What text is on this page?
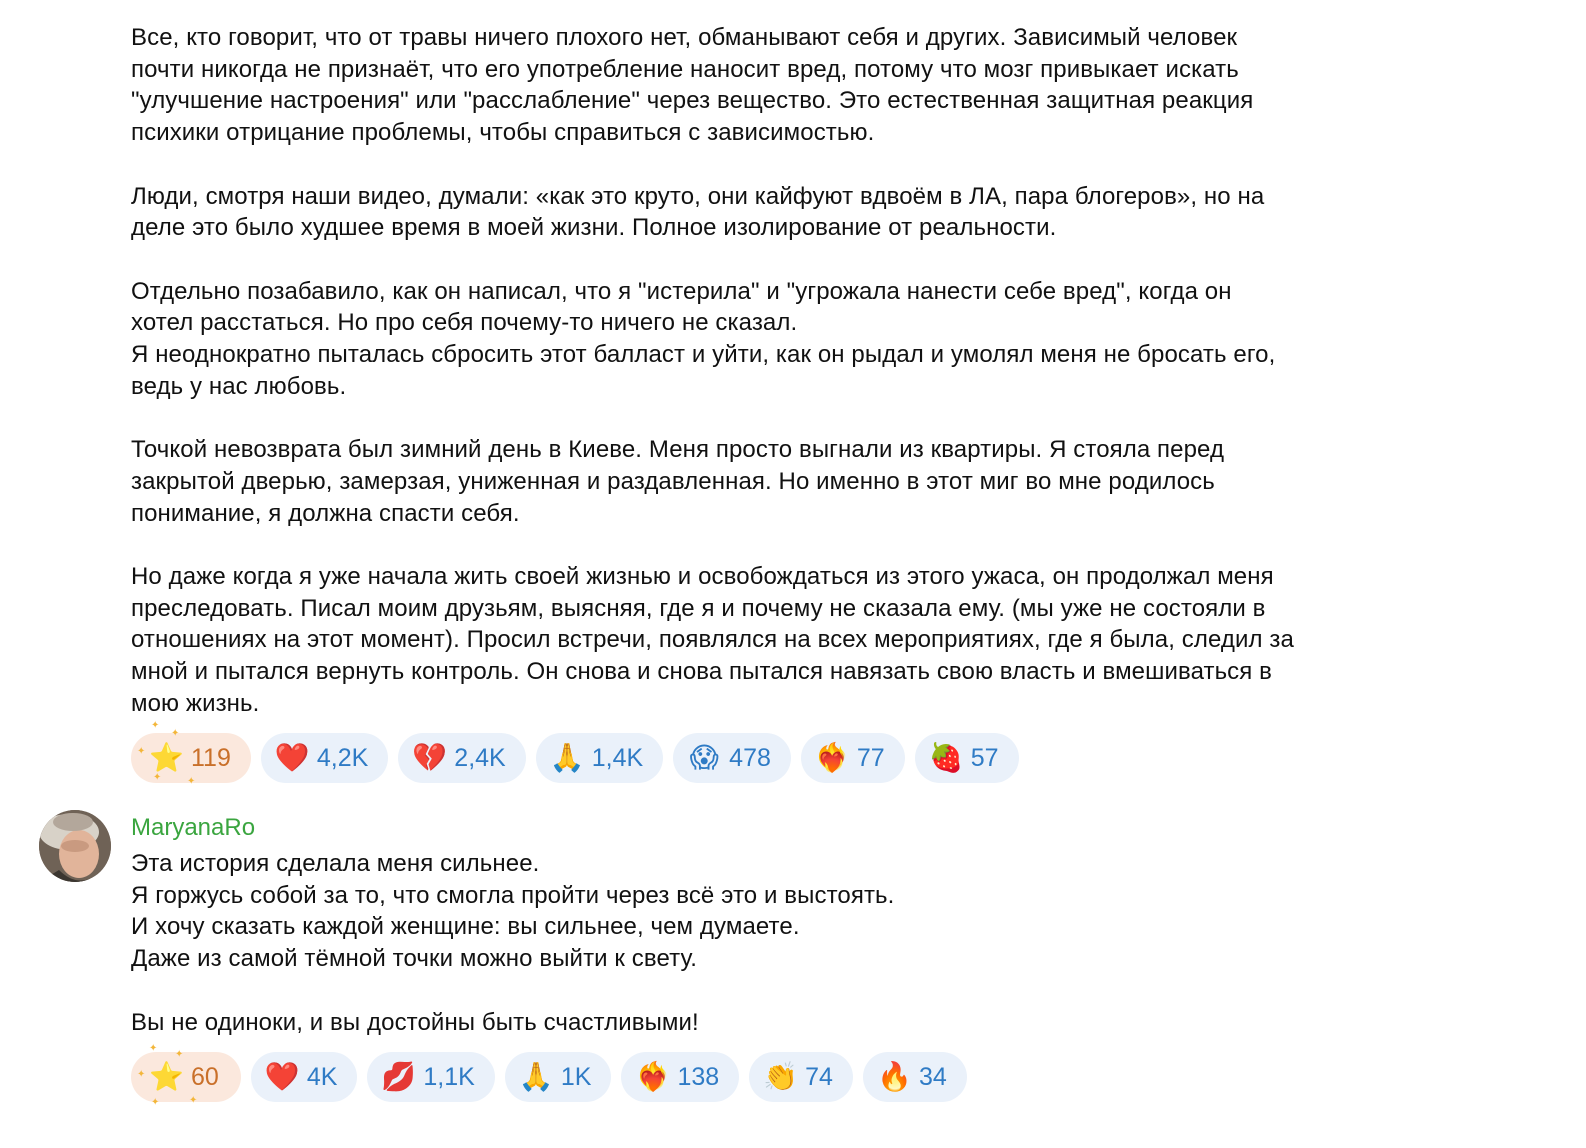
Все, кто говорит, что от травы ничего плохого нет, обманывают себя и других. Зависимый человек
почти никогда не признаёт, что его употребление наносит вред, потому что мозг привыкает искать
"улучшение настроения" или "расслабление" через вещество. Это естественная защитная реакция
психики отрицание проблемы, чтобы справиться с зависимостью.

Люди, смотря наши видео, думали: «как это круто, они кайфуют вдвоём в ЛА, пара блогеров», но на
деле это было худшее время в моей жизни. Полное изолирование от реальности.

Отдельно позабавило, как он написал, что я "истерила" и "угрожала нанести себе вред", когда он
хотел расстаться. Но про себя почему-то ничего не сказал.
Я неоднократно пыталась сбросить этот балласт и уйти, как он рыдал и умолял меня не бросать его,
ведь у нас любовь.

Точкой невозврата был зимний день в Киеве. Меня просто выгнали из квартиры. Я стояла перед
закрытой дверью, замерзая, униженная и раздавленная. Но именно в этот миг во мне родилось
понимание, я должна спасти себя.

Но даже когда я уже начала жить своей жизнью и освобождаться из этого ужаса, он продолжал меня
преследовать. Писал моим друзьям, выясняя, где я и почему не сказала ему. (мы уже не состояли в
отношениях на этот момент). Просил встречи, появлялся на всех мероприятиях, где я была, следил за
мной и пытался вернуть контроль. Он снова и снова пытался навязать свою власть и вмешиваться в
мою жизнь.

✦
✦
✦
✦	✦
⭐ 119 ❤️ 4,2K 💔 2,4K 🙏 1,4K 😱 478 ❤️‍🔥 77 🍓 57
MaryanaRo

Эта история сделала меня сильнее.
Я горжусь собой за то, что смогла пройти через всё это и выстоять.
И хочу сказать каждой женщине: вы сильнее, чем думаете.
Даже из самой тёмной точки можно выйти к свету.

Вы не одиноки, и вы достойны быть счастливыми!

✦
✦
✦
✦	✦
⭐ 60 ❤️ 4K 💋 1,1K 🙏 1K ❤️‍🔥 138 👏 74 🔥 34
